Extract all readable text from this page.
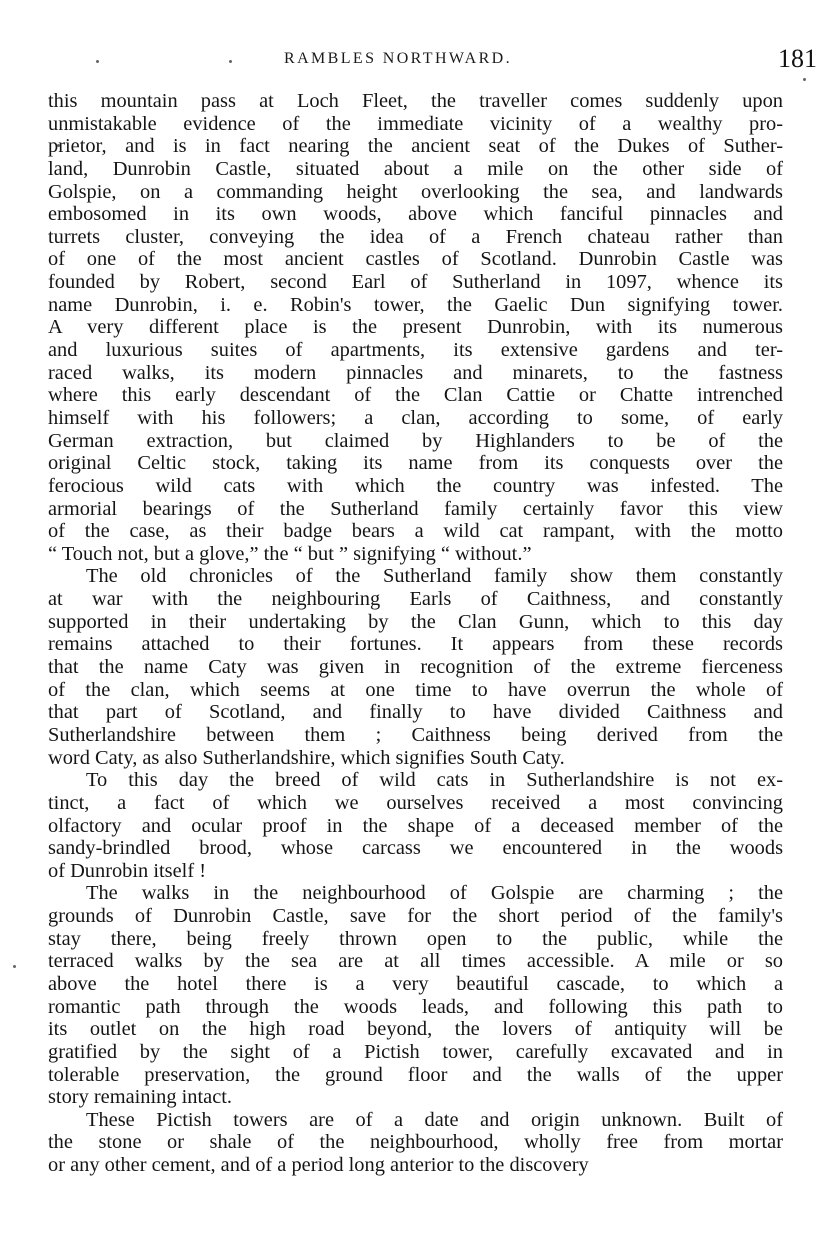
RAMBLES NORTHWARD.	181
this mountain pass at Loch Fleet, the traveller comes suddenly upon
unmistakable evidence of the immediate vicinity of a wealthy pro-
prietor, and is in fact nearing the ancient seat of the Dukes of Suther-
land, Dunrobin Castle, situated about a mile on the other side of
Golspie, on a commanding height overlooking the sea, and landwards
embosomed in its own woods, above which fanciful pinnacles and
turrets cluster, conveying the idea of a French chateau rather than
of one of the most ancient castles of Scotland. Dunrobin Castle was
founded by Robert, second Earl of Sutherland in 1097, whence its
name Dunrobin, i. e. Robin's tower, the Gaelic Dun signifying tower.
A very different place is the present Dunrobin, with its numerous
and luxurious suites of apartments, its extensive gardens and ter-
raced walks, its modern pinnacles and minarets, to the fastness
where this early descendant of the Clan Cattie or Chatte intrenched
himself with his followers; a clan, according to some, of early
German extraction, but claimed by Highlanders to be of the
original Celtic stock, taking its name from its conquests over the
ferocious wild cats with which the country was infested. The
armorial bearings of the Sutherland family certainly favor this view
of the case, as their badge bears a wild cat rampant, with the motto
“ Touch not, but a glove,” the “ but ” signifying “ without.”
The old chronicles of the Sutherland family show them constantly
at war with the neighbouring Earls of Caithness, and constantly
supported in their undertaking by the Clan Gunn, which to this day
remains attached to their fortunes. It appears from these records
that the name Caty was given in recognition of the extreme fierceness
of the clan, which seems at one time to have overrun the whole of
that part of Scotland, and finally to have divided Caithness and
Sutherlandshire between them ; Caithness being derived from the
word Caty, as also Sutherlandshire, which signifies South Caty.
To this day the breed of wild cats in Sutherlandshire is not ex-
tinct, a fact of which we ourselves received a most convincing
olfactory and ocular proof in the shape of a deceased member of the
sandy-brindled brood, whose carcass we encountered in the woods
of Dunrobin itself !
The walks in the neighbourhood of Golspie are charming ; the
grounds of Dunrobin Castle, save for the short period of the family's
stay there, being freely thrown open to the public, while the
terraced walks by the sea are at all times accessible. A mile or so
above the hotel there is a very beautiful cascade, to which a
romantic path through the woods leads, and following this path to
its outlet on the high road beyond, the lovers of antiquity will be
gratified by the sight of a Pictish tower, carefully excavated and in
tolerable preservation, the ground floor and the walls of the upper
story remaining intact.
These Pictish towers are of a date and origin unknown. Built of
the stone or shale of the neighbourhood, wholly free from mortar
or any other cement, and of a period long anterior to the discovery
